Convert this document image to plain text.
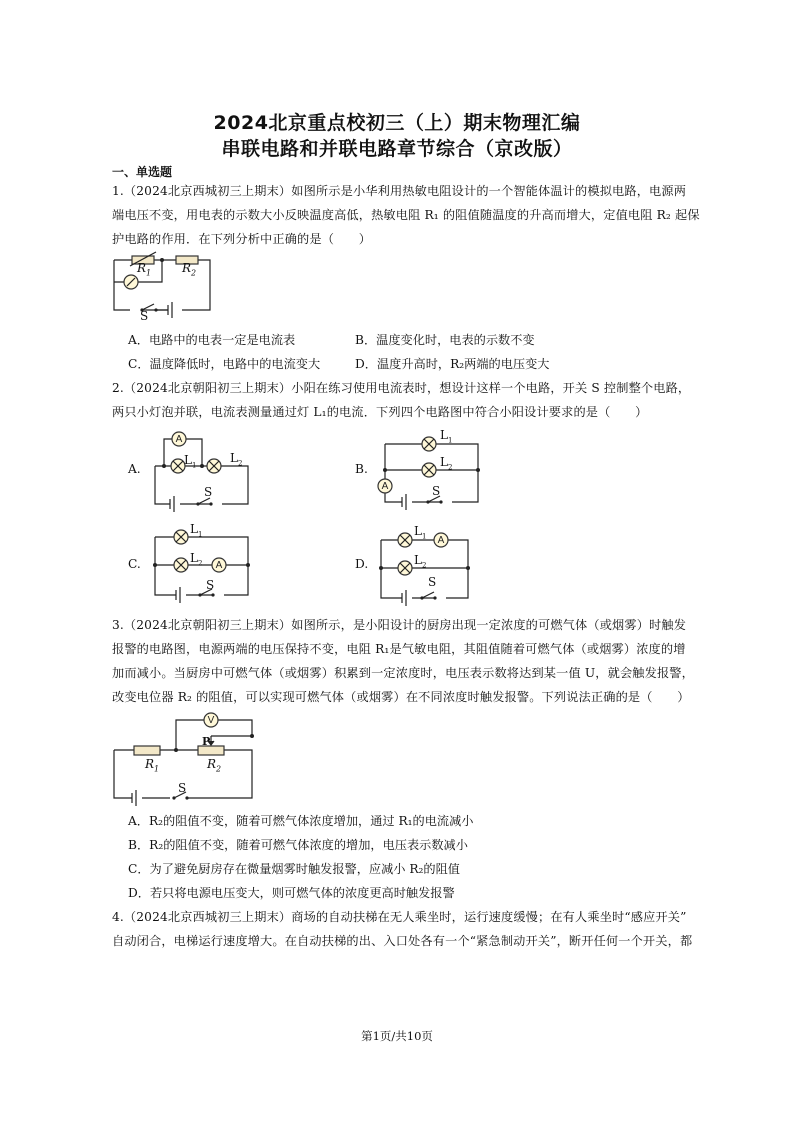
2024北京重点校初三（上）期末物理汇编
串联电路和并联电路章节综合（京改版）
一、单选题
1.（2024北京西城初三上期末）如图所示是小华利用热敏电阻设计的一个智能体温计的模拟电路，电源两
端电压不变，用电表的示数大小反映温度高低，热敏电阻 R₁ 的阻值随温度的升高而增大，定值电阻 R₂ 起保
护电路的作用．在下列分析中正确的是（　　）
$R_1$	$R_2$
S
A．电路中的电表一定是电流表	B．温度变化时，电表的示数不变
C．温度降低时，电路中的电流变大	D．温度升高时，R₂两端的电压变大
2.（2024北京朝阳初三上期末）小阳在练习使用电流表时，想设计这样一个电路，开关 S 控制整个电路，
两只小灯泡并联，电流表测量通过灯 L₁的电流．下列四个电路图中符合小阳设计要求的是（　　）
A.
A
$L_1$
$L_2$
S
B.
A
$L_1$
$L_2$
S
C.	A
$L_1$
$L_2$
S
D.
A
$L_1$
$L_2$
S
3.（2024北京朝阳初三上期末）如图所示，是小阳设计的厨房出现一定浓度的可燃气体（或烟雾）时触发
报警的电路图，电源两端的电压保持不变，电阻 R₁是气敏电阻，其阻值随着可燃气体（或烟雾）浓度的增
加而减小。当厨房中可燃气体（或烟雾）积累到一定浓度时，电压表示数将达到某一值 U，就会触发报警，
改变电位器 R₂ 的阻值，可以实现可燃气体（或烟雾）在不同浓度时触发报警。下列说法正确的是（　　）
V
P
$R_1$	$R_2$
S
A．R₂的阻值不变，随着可燃气体浓度增加，通过 R₁的电流减小
B．R₂的阻值不变，随着可燃气体浓度的增加，电压表示数减小
C．为了避免厨房存在微量烟雾时触发报警，应减小 R₂的阻值
D．若只将电源电压变大，则可燃气体的浓度更高时触发报警
4.（2024北京西城初三上期末）商场的自动扶梯在无人乘坐时，运行速度缓慢；在有人乘坐时“感应开关”
自动闭合，电梯运行速度增大。在自动扶梯的出、入口处各有一个“紧急制动开关”，断开任何一个开关，都
第1页/共10页
